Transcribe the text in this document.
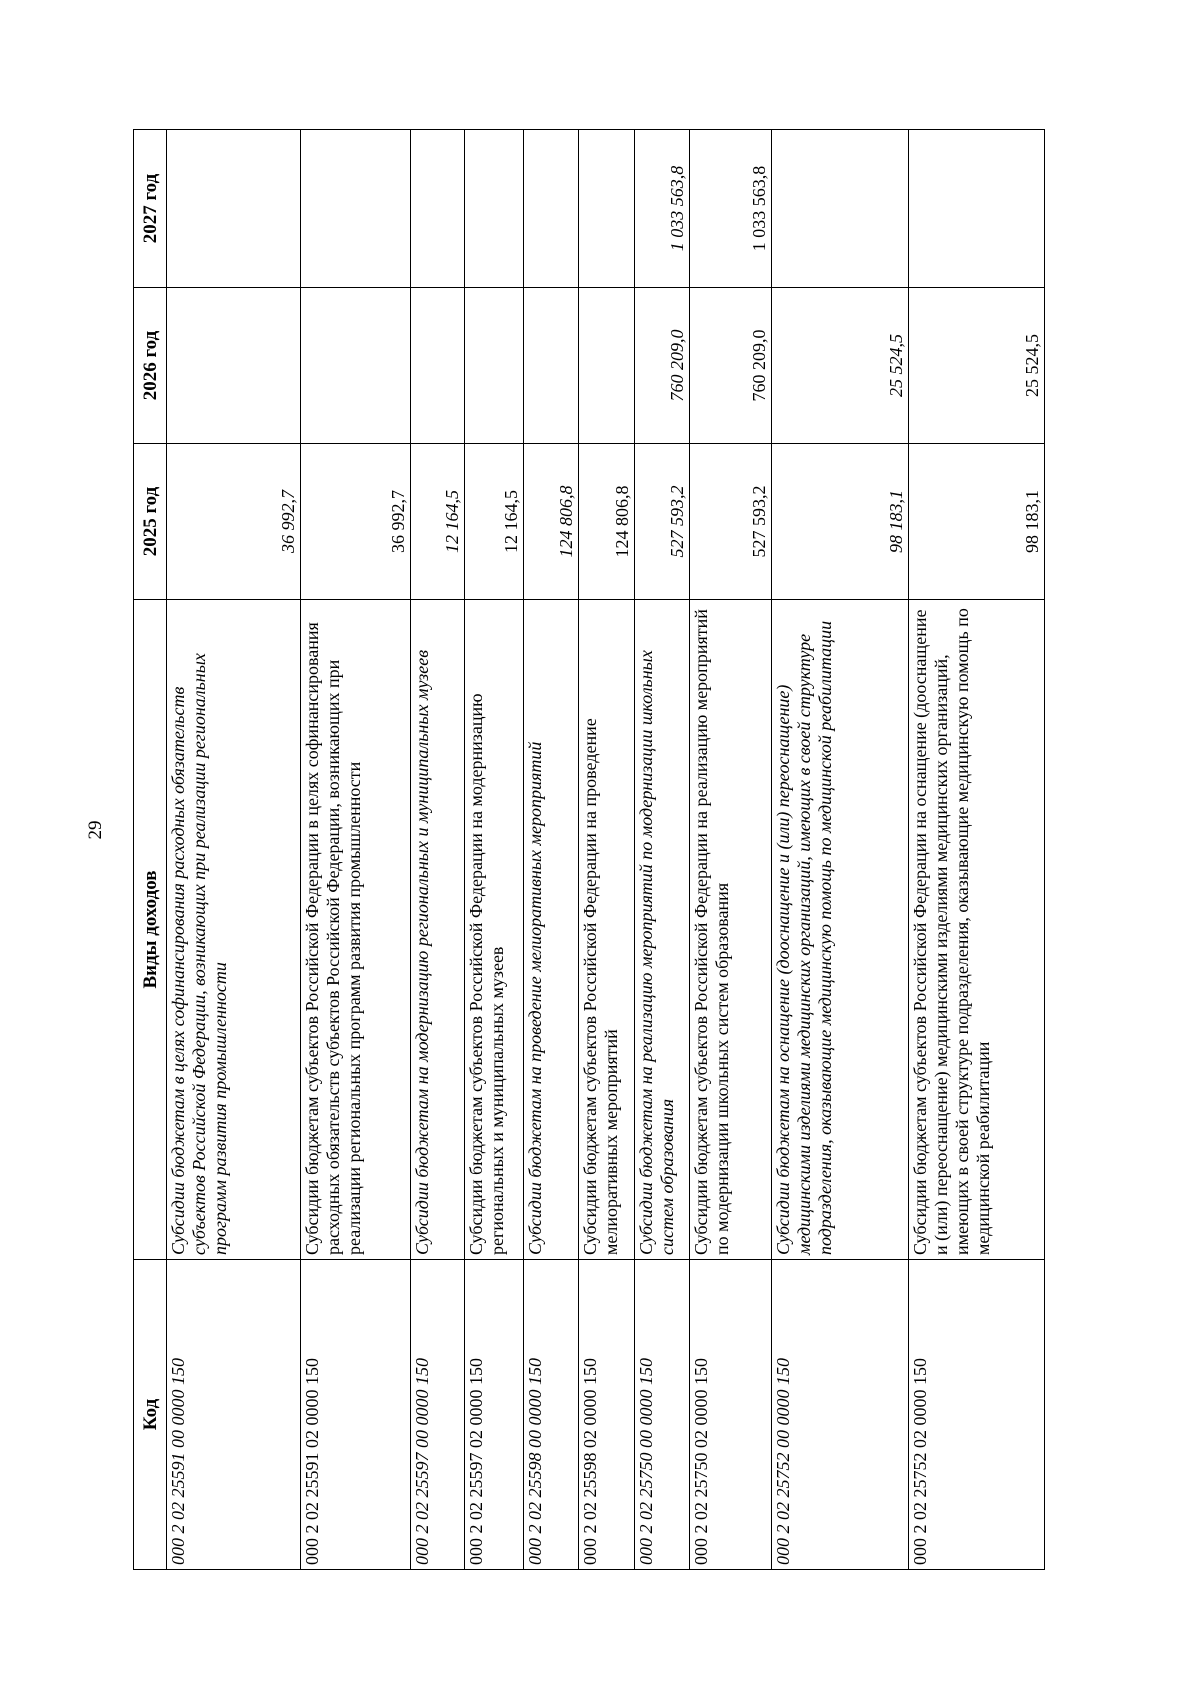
29
Код	Виды доходов	2025 год	2026 год	2027 год
000 2 02 25591 00 0000 150	Субсидии бюджетам в целях софинансирования расходных обязательств субъектов Российской Федерации, возникающих при реализации региональных программ развития промышленности	36 992,7		
000 2 02 25591 02 0000 150	Субсидии бюджетам субъектов Российской Федерации в целях софинансирования расходных обязательств субъектов Российской Федерации, возникающих при реализации региональных программ развития промышленности	36 992,7		
000 2 02 25597 00 0000 150	Субсидии бюджетам на модернизацию региональных и муниципальных музеев	12 164,5		
000 2 02 25597 02 0000 150	Субсидии бюджетам субъектов Российской Федерации на модернизацию региональных и муниципальных музеев	12 164,5		
000 2 02 25598 00 0000 150	Субсидии бюджетам на проведение мелиоративных мероприятий	124 806,8		
000 2 02 25598 02 0000 150	Субсидии бюджетам субъектов Российской Федерации на проведение мелиоративных мероприятий	124 806,8		
000 2 02 25750 00 0000 150	Субсидии бюджетам на реализацию мероприятий по модернизации школьных систем образования	527 593,2	760 209,0	1 033 563,8
000 2 02 25750 02 0000 150	Субсидии бюджетам субъектов Российской Федерации на реализацию мероприятий по модернизации школьных систем образования	527 593,2	760 209,0	1 033 563,8
000 2 02 25752 00 0000 150	Субсидии бюджетам на оснащение (дооснащение и (или) переоснащение) медицинскими изделиями медицинских организаций, имеющих в своей структуре подразделения, оказывающие медицинскую помощь по медицинской реабилитации	98 183,1	25 524,5	
000 2 02 25752 02 0000 150	Субсидии бюджетам субъектов Российской Федерации на оснащение (дооснащение и (или) переоснащение) медицинскими изделиями медицинских организаций, имеющих в своей структуре подразделения, оказывающие медицинскую помощь по медицинской реабилитации	98 183,1	25 524,5	
